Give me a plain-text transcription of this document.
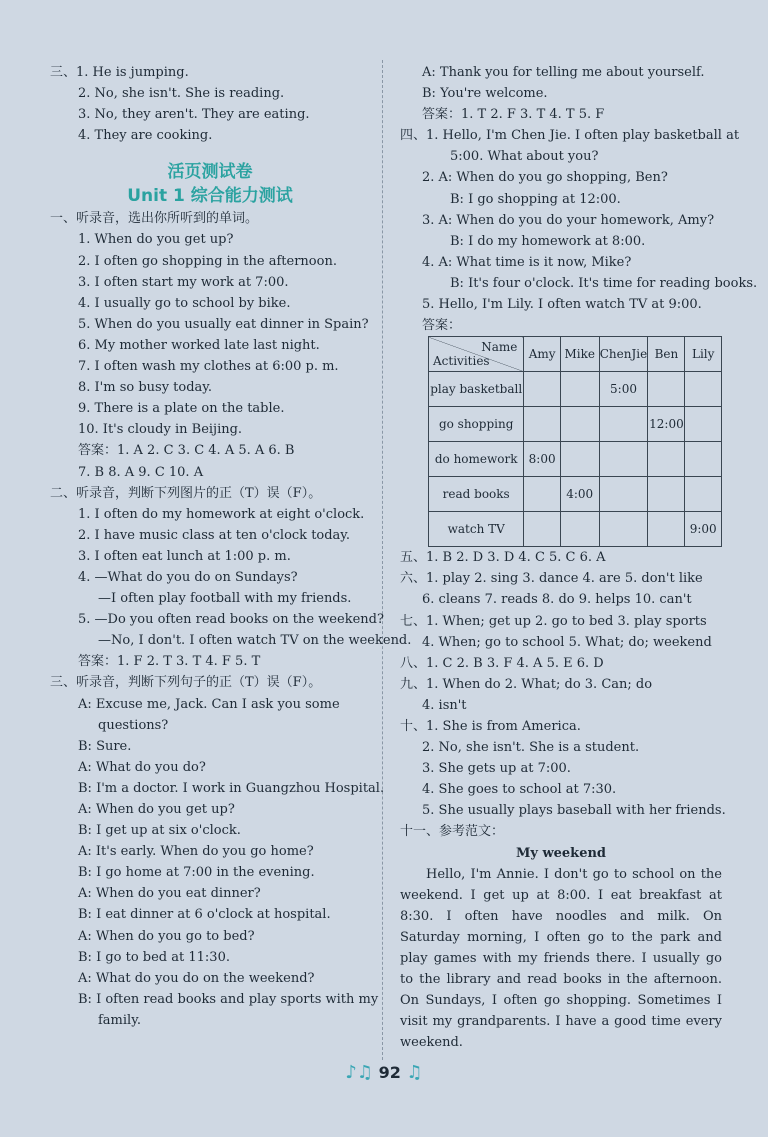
三、1. He is jumping.
2. No, she isn't. She is reading.
3. No, they aren't. They are eating.
4. They are cooking.
活页测试卷
Unit 1 综合能力测试
一、听录音，选出你所听到的单词。
1. When do you get up?
2. I often go shopping in the afternoon.
3. I often start my work at 7:00.
4. I usually go to school by bike.
5. When do you usually eat dinner in Spain?
6. My mother worked late last night.
7. I often wash my clothes at 6:00 p. m.
8. I'm so busy today.
9. There is a plate on the table.
10. It's cloudy in Beijing.
答案：1. A 2. C 3. C 4. A 5. A 6. B
7. B 8. A 9. C 10. A
二、听录音，判断下列图片的正（T）误（F）。
1. I often do my homework at eight o'clock.
2. I have music class at ten o'clock today.
3. I often eat lunch at 1:00 p. m.
4. —What do you do on Sundays?
—I often play football with my friends.
5. —Do you often read books on the weekend?
—No, I don't. I often watch TV on the weekend.
答案：1. F 2. T 3. T 4. F 5. T
三、听录音，判断下列句子的正（T）误（F）。
A: Excuse me, Jack. Can I ask you some
questions?
B: Sure.
A: What do you do?
B: I'm a doctor. I work in Guangzhou Hospital.
A: When do you get up?
B: I get up at six o'clock.
A: It's early. When do you go home?
B: I go home at 7:00 in the evening.
A: When do you eat dinner?
B: I eat dinner at 6 o'clock at hospital.
A: When do you go to bed?
B: I go to bed at 11:30.
A: What do you do on the weekend?
B: I often read books and play sports with my
family.
A: Thank you for telling me about yourself.
B: You're welcome.
答案：1. T 2. F 3. T 4. T 5. F
四、1. Hello, I'm Chen Jie. I often play basketball at
5:00. What about you?
2. A: When do you go shopping, Ben?
B: I go shopping at 12:00.
3. A: When do you do your homework, Amy?
B: I do my homework at 8:00.
4. A: What time is it now, Mike?
B: It's four o'clock. It's time for reading books.
5. Hello, I'm Lily. I often watch TV at 9:00.
答案：
Name
Activities	Amy	Mike	ChenJie	Ben	Lily
play basketball			5:00		
go shopping				12:00	
do homework	8:00				
read books		4:00			
watch TV					9:00
五、1. B 2. D 3. D 4. C 5. C 6. A
六、1. play 2. sing 3. dance 4. are 5. don't like
6. cleans 7. reads 8. do 9. helps 10. can't
七、1. When; get up 2. go to bed 3. play sports
4. When; go to school 5. What; do; weekend
八、1. C 2. B 3. F 4. A 5. E 6. D
九、1. When do 2. What; do 3. Can; do
4. isn't
十、1. She is from America.
2. No, she isn't. She is a student.
3. She gets up at 7:00.
4. She goes to school at 7:30.
5. She usually plays baseball with her friends.
十一、参考范文：
My weekend
Hello, I'm Annie. I don't go to school on the weekend. I get up at 8:00. I eat breakfast at 8:30. I often have noodles and milk. On Saturday morning, I often go to the park and play games with my friends there. I usually go to the library and read books in the afternoon. On Sundays, I often go shopping. Sometimes I visit my grandparents. I have a good time every weekend.
♪♫ 92 ♫
